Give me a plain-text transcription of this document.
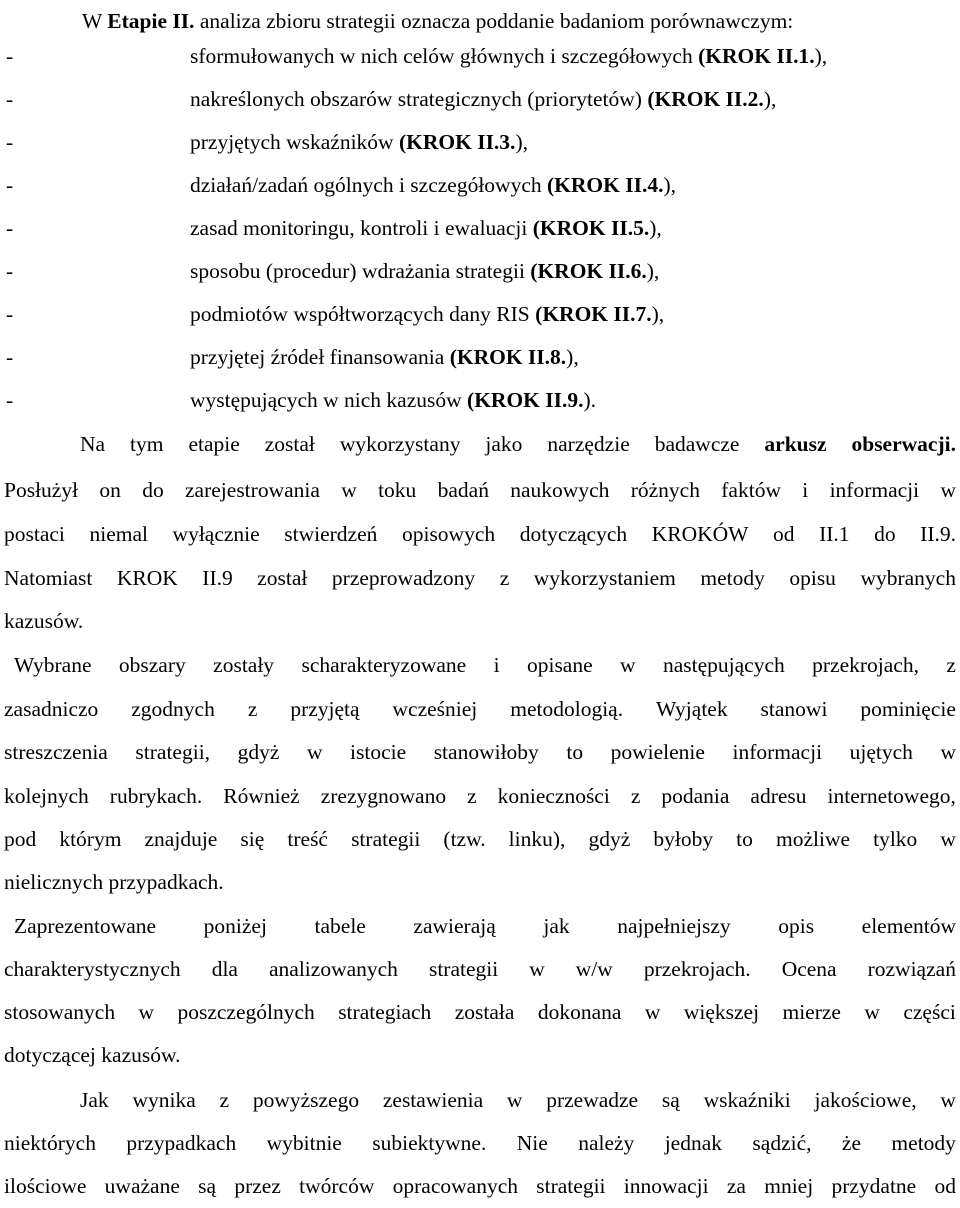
W Etapie II. analiza zbioru strategii oznacza poddanie badaniom porównawczym:
-	sformułowanych w nich celów głównych i szczegółowych (KROK II.1.),
-	nakreślonych obszarów strategicznych (priorytetów) (KROK II.2.),
-	przyjętych wskaźników (KROK II.3.),
-	działań/zadań ogólnych i szczegółowych (KROK II.4.),
-	zasad monitoringu, kontroli i ewaluacji (KROK II.5.),
-	sposobu (procedur) wdrażania strategii (KROK II.6.),
-	podmiotów współtworzących dany RIS (KROK II.7.),
-	przyjętej źródeł finansowania (KROK II.8.),
-	występujących w nich kazusów (KROK II.9.).
Na tym etapie został wykorzystany jako narzędzie badawcze arkusz obserwacji.
Posłużył on do zarejestrowania w toku badań naukowych różnych faktów i informacji w
postaci niemal wyłącznie stwierdzeń opisowych dotyczących KROKÓW od II.1 do II.9.
Natomiast KROK II.9 został przeprowadzony z wykorzystaniem metody opisu wybranych
kazusów.
Wybrane obszary zostały scharakteryzowane i opisane w następujących przekrojach, z
zasadniczo zgodnych z przyjętą wcześniej metodologią. Wyjątek stanowi pominięcie
streszczenia strategii, gdyż w istocie stanowiłoby to powielenie informacji ujętych w
kolejnych rubrykach. Również zrezygnowano z konieczności z podania adresu internetowego,
pod którym znajduje się treść strategii (tzw. linku), gdyż byłoby to możliwe tylko w
nielicznych przypadkach.
Zaprezentowane poniżej tabele zawierają jak najpełniejszy opis elementów
charakterystycznych dla analizowanych strategii w w/w przekrojach. Ocena rozwiązań
stosowanych w poszczególnych strategiach została dokonana w większej mierze w części
dotyczącej kazusów.
Jak wynika z powyższego zestawienia w przewadze są wskaźniki jakościowe, w
niektórych przypadkach wybitnie subiektywne. Nie należy jednak sądzić, że metody
ilościowe uważane są przez twórców opracowanych strategii innowacji za mniej przydatne od
